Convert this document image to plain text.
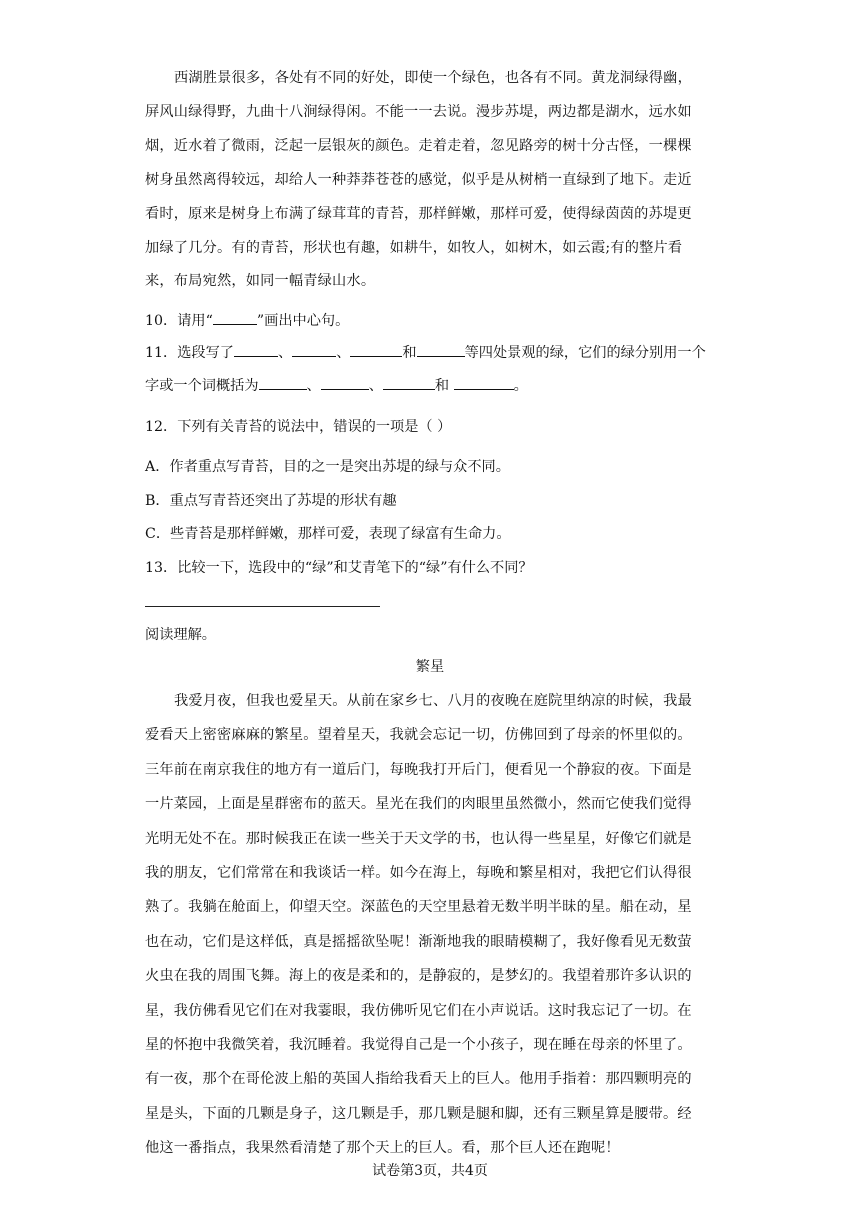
西湖胜景很多，各处有不同的好处，即使一个绿色，也各有不同。黄龙洞绿得幽，
屏风山绿得野，九曲十八涧绿得闲。不能一一去说。漫步苏堤，两边都是湖水，远水如
烟，近水着了微雨，泛起一层银灰的颜色。走着走着，忽见路旁的树十分古怪，一棵棵
树身虽然离得较远，却给人一种莽莽苍苍的感觉，似乎是从树梢一直绿到了地下。走近
看时，原来是树身上布满了绿茸茸的青苔，那样鲜嫩，那样可爱，使得绿茵茵的苏堤更
加绿了几分。有的青苔，形状也有趣，如耕牛，如牧人，如树木，如云霞;有的整片看
来，布局宛然，如同一幅青绿山水。
10．请用“	”画出中心句。
11．选段写了	、	、	和	等四处景观的绿，它们的绿分别用一个字或一个词概括为	、	、	和	。
12．下列有关青苔的说法中，错误的一项是（ ）
A．作者重点写青苔，目的之一是突出苏堤的绿与众不同。
B．重点写青苔还突出了苏堤的形状有趣
C．些青苔是那样鲜嫩，那样可爱，表现了绿富有生命力。
13．比较一下，选段中的“绿”和艾青笔下的“绿”有什么不同？
阅读理解。
繁星
我爱月夜，但我也爱星天。从前在家乡七、八月的夜晚在庭院里纳凉的时候，我最
爱看天上密密麻麻的繁星。望着星天，我就会忘记一切，仿佛回到了母亲的怀里似的。
三年前在南京我住的地方有一道后门，每晚我打开后门，便看见一个静寂的夜。下面是
一片菜园，上面是星群密布的蓝天。星光在我们的肉眼里虽然微小，然而它使我们觉得
光明无处不在。那时候我正在读一些关于天文学的书，也认得一些星星，好像它们就是
我的朋友，它们常常在和我谈话一样。如今在海上，每晚和繁星相对，我把它们认得很
熟了。我躺在舱面上，仰望天空。深蓝色的天空里悬着无数半明半昧的星。船在动，星
也在动，它们是这样低，真是摇摇欲坠呢！渐渐地我的眼睛模糊了，我好像看见无数萤
火虫在我的周围飞舞。海上的夜是柔和的，是静寂的，是梦幻的。我望着那许多认识的
星，我仿佛看见它们在对我霎眼，我仿佛听见它们在小声说话。这时我忘记了一切。在
星的怀抱中我微笑着，我沉睡着。我觉得自己是一个小孩子，现在睡在母亲的怀里了。
有一夜，那个在哥伦波上船的英国人指给我看天上的巨人。他用手指着：那四颗明亮的
星是头，下面的几颗是身子，这几颗是手，那几颗是腿和脚，还有三颗星算是腰带。经
他这一番指点，我果然看清楚了那个天上的巨人。看，那个巨人还在跑呢！
试卷第3页，共4页
